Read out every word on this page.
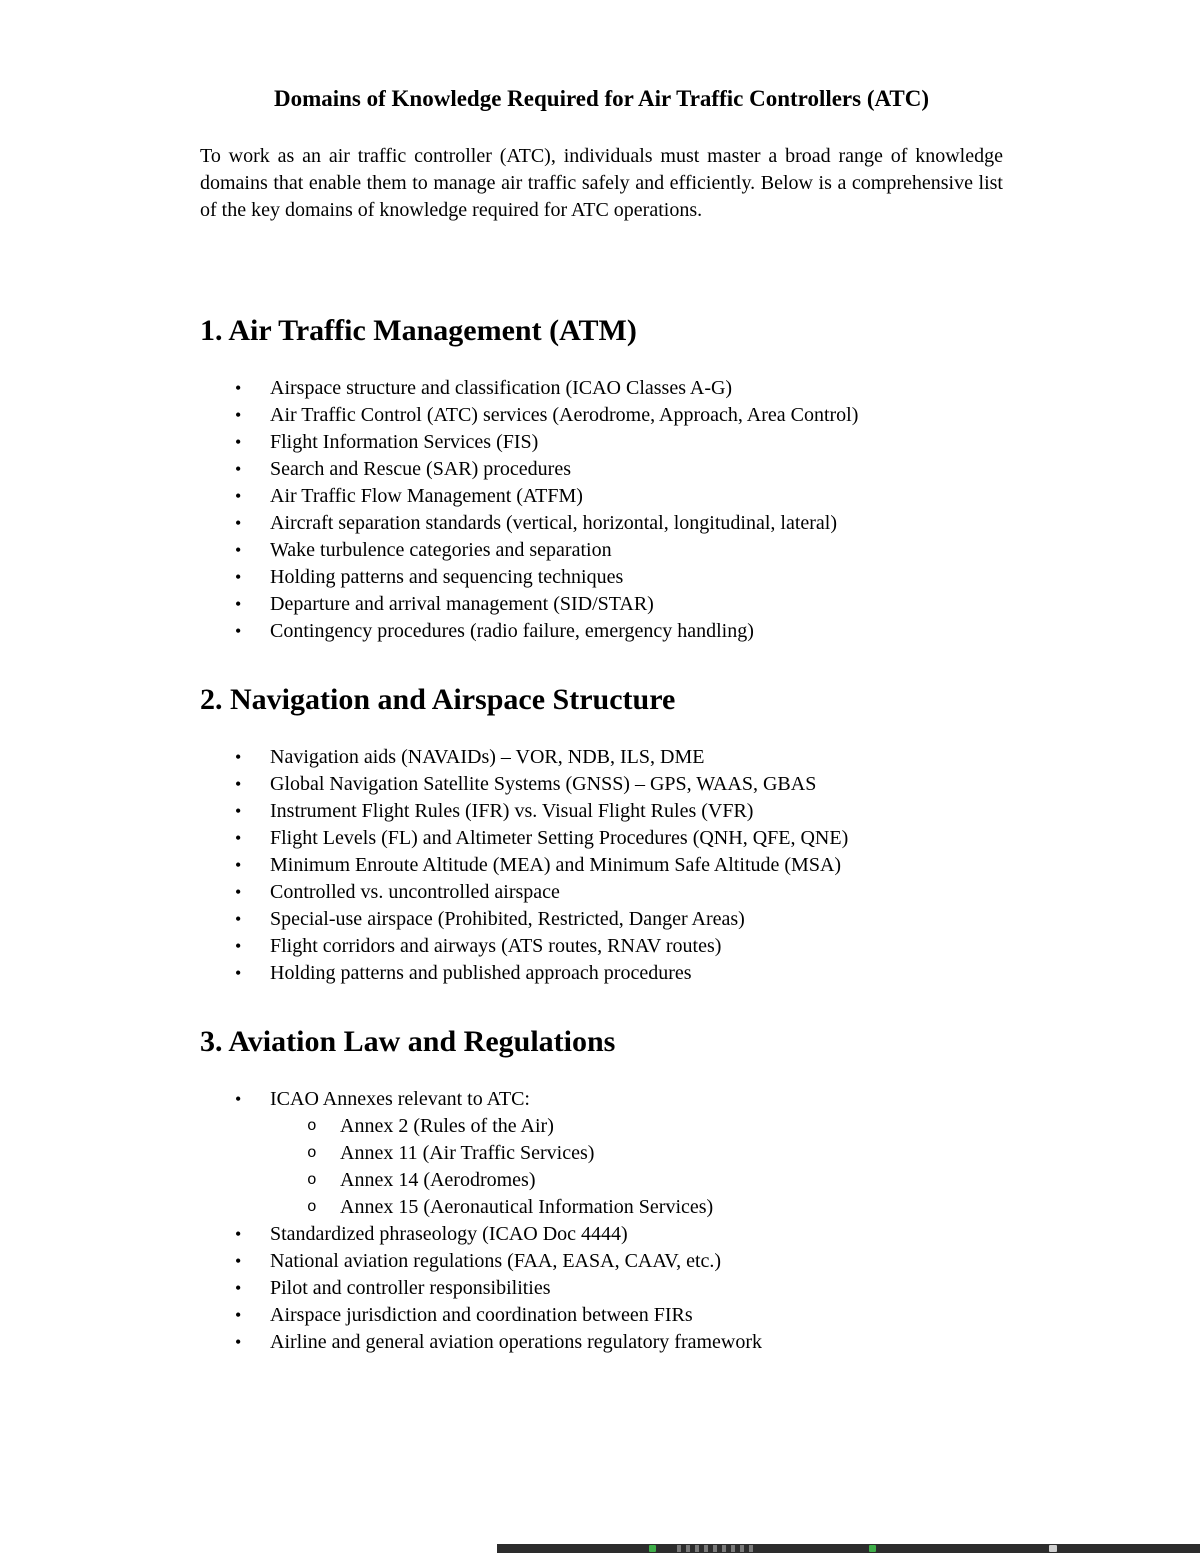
Domains of Knowledge Required for Air Traffic Controllers (ATC)

To work as an air traffic controller (ATC), individuals must master a broad range of knowledge domains that enable them to manage air traffic safely and efficiently. Below is a comprehensive list of the key domains of knowledge required for ATC operations.

1. Air Traffic Management (ATM)
•	Airspace structure and classification (ICAO Classes A-G)
•	Air Traffic Control (ATC) services (Aerodrome, Approach, Area Control)
•	Flight Information Services (FIS)
•	Search and Rescue (SAR) procedures
•	Air Traffic Flow Management (ATFM)
•	Aircraft separation standards (vertical, horizontal, longitudinal, lateral)
•	Wake turbulence categories and separation
•	Holding patterns and sequencing techniques
•	Departure and arrival management (SID/STAR)
•	Contingency procedures (radio failure, emergency handling)
2. Navigation and Airspace Structure
•	Navigation aids (NAVAIDs) – VOR, NDB, ILS, DME
•	Global Navigation Satellite Systems (GNSS) – GPS, WAAS, GBAS
•	Instrument Flight Rules (IFR) vs. Visual Flight Rules (VFR)
•	Flight Levels (FL) and Altimeter Setting Procedures (QNH, QFE, QNE)
•	Minimum Enroute Altitude (MEA) and Minimum Safe Altitude (MSA)
•	Controlled vs. uncontrolled airspace
•	Special-use airspace (Prohibited, Restricted, Danger Areas)
•	Flight corridors and airways (ATS routes, RNAV routes)
•	Holding patterns and published approach procedures
3. Aviation Law and Regulations
•	ICAO Annexes relevant to ATC:
o	Annex 2 (Rules of the Air)
o	Annex 11 (Air Traffic Services)
o	Annex 14 (Aerodromes)
o	Annex 15 (Aeronautical Information Services)
•	Standardized phraseology (ICAO Doc 4444)
•	National aviation regulations (FAA, EASA, CAAV, etc.)
•	Pilot and controller responsibilities
•	Airspace jurisdiction and coordination between FIRs
•	Airline and general aviation operations regulatory framework
